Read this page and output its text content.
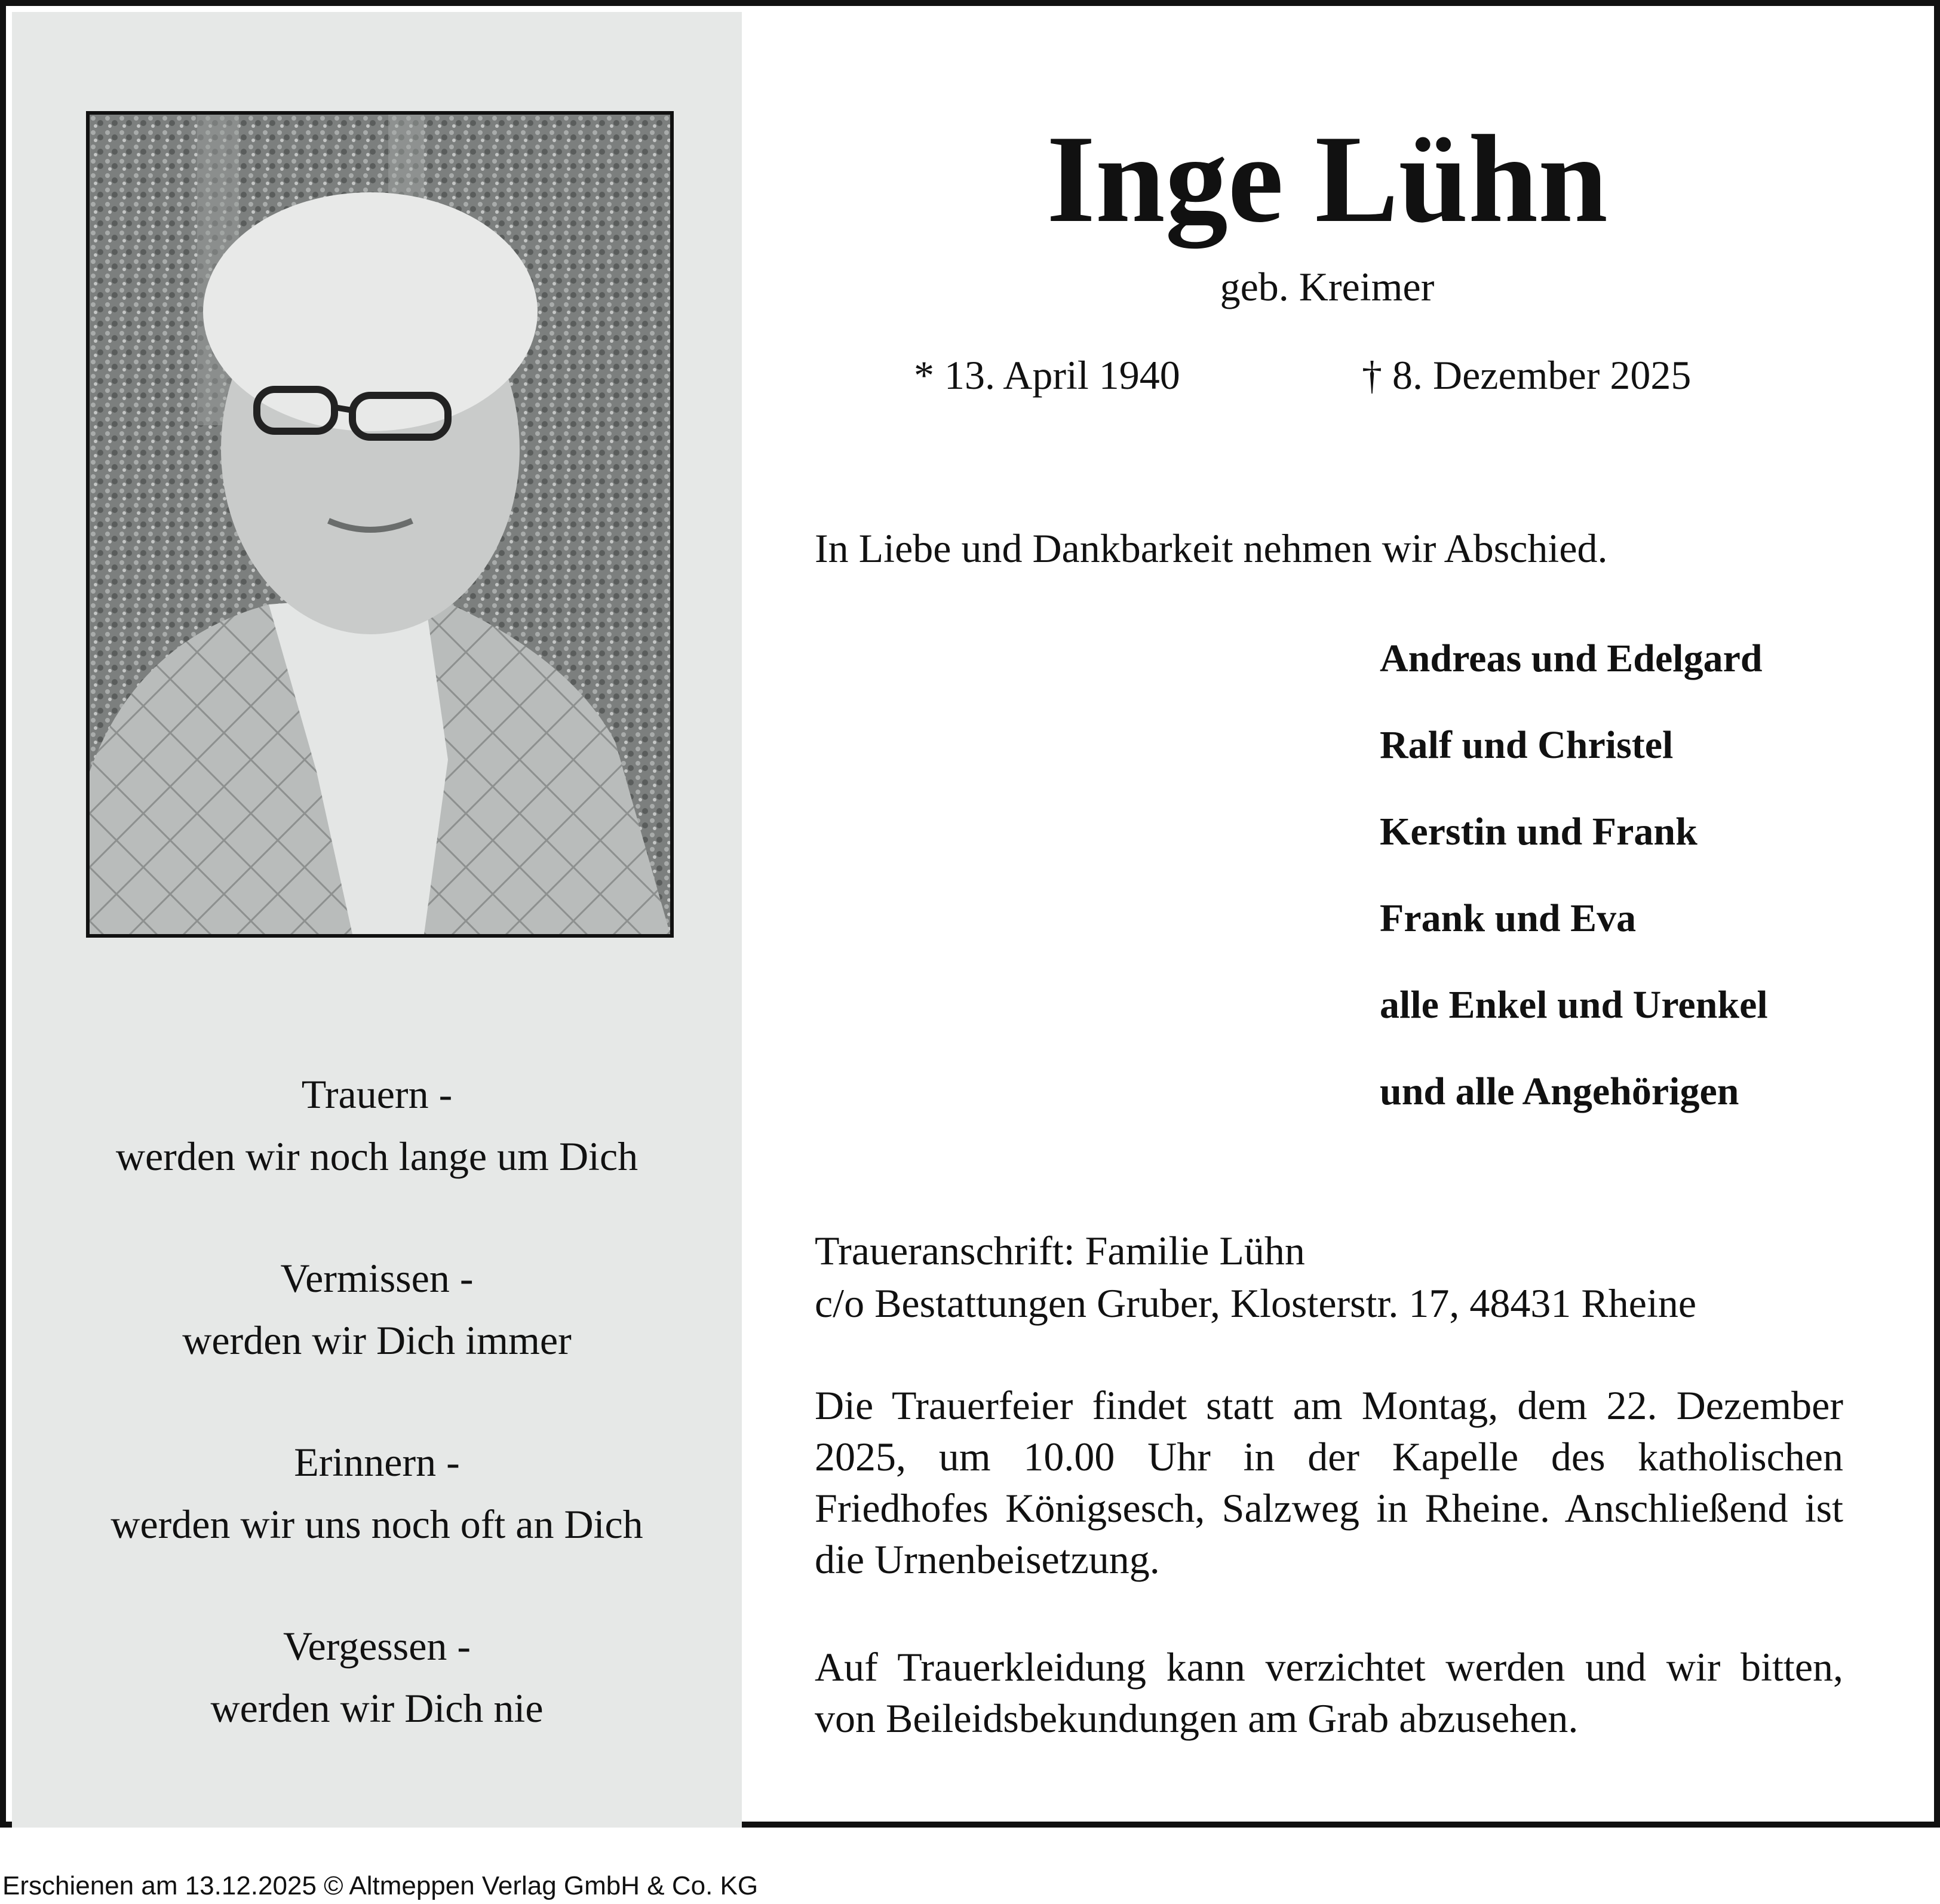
Trauern -
werden wir noch lange um Dich
Vermissen -
werden wir Dich immer
Erinnern -
werden wir uns noch oft an Dich
Vergessen -
werden wir Dich nie
Inge Lühn
geb. Kreimer
* 13. April 1940	† 8. Dezember 2025
In Liebe und Dankbarkeit nehmen wir Abschied.
Andreas und Edelgard
Ralf und Christel
Kerstin und Frank
Frank und Eva
alle Enkel und Urenkel
und alle Angehörigen
Traueranschrift: Familie Lühn
c/o Bestattungen Gruber, Klosterstr. 17, 48431 Rheine

Die Trauerfeier findet statt am Montag, dem 22. Dezember 2025, um 10.00 Uhr in der Kapelle des katholischen Friedhofes Königsesch, Salzweg in Rheine. Anschließend ist die Urnenbeisetzung.

Auf Trauerkleidung kann verzichtet werden und wir bitten, von Beileidsbekundungen am Grab abzusehen.

Erschienen am 13.12.2025 © Altmeppen Verlag GmbH & Co. KG
